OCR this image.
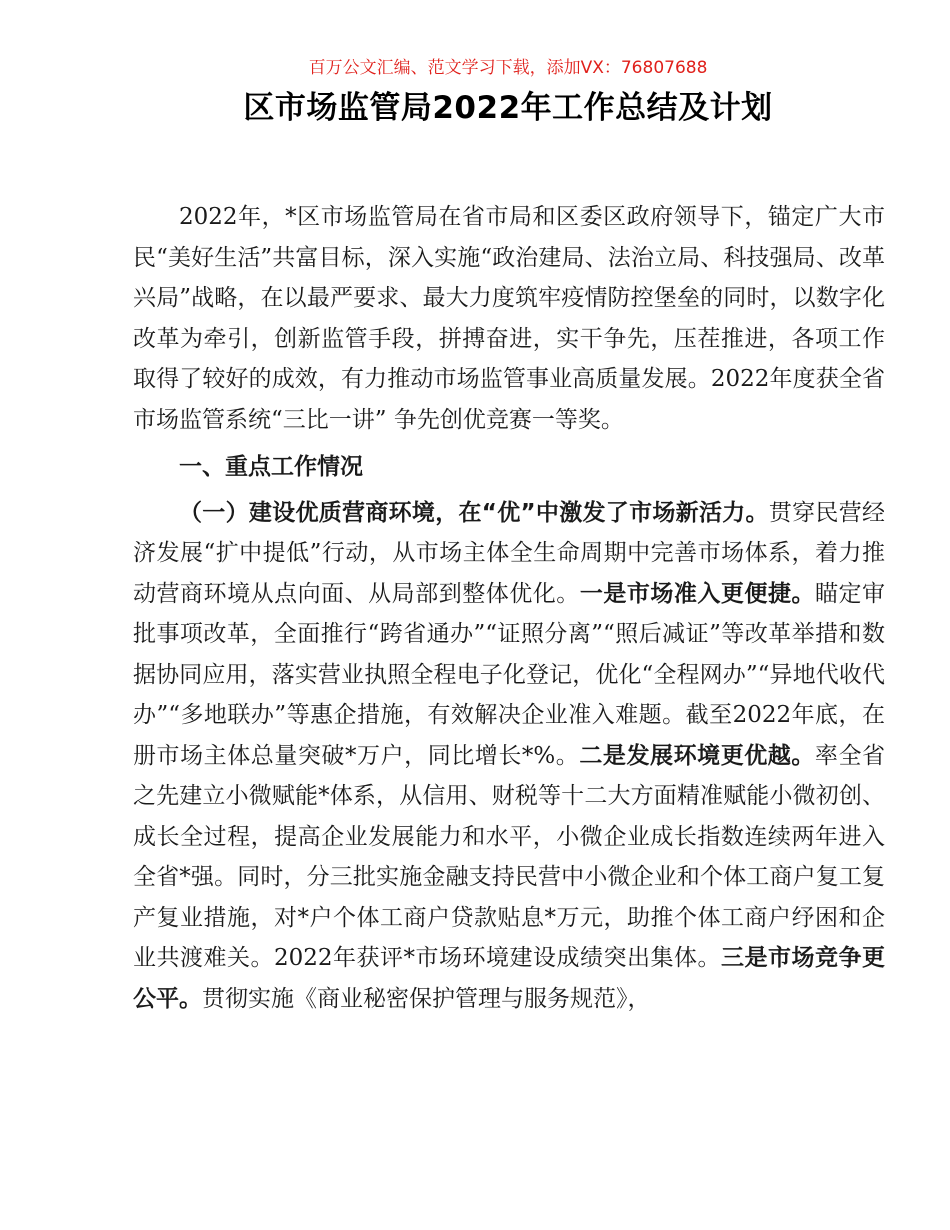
百万公文汇编、范文学习下载，添加VX：76807688
区市场监管局2022年工作总结及计划

2022年，*区市场监管局在省市局和区委区政府领导下，锚定广大市民“美好生活”共富目标，深入实施“政治建局、法治立局、科技强局、改革兴局”战略，在以最严要求、最大力度筑牢疫情防控堡垒的同时，以数字化改革为牵引，创新监管手段，拼搏奋进，实干争先，压茬推进，各项工作取得了较好的成效，有力推动市场监管事业高质量发展。2022年度获全省市场监管系统“三比一讲” 争先创优竞赛一等奖。

一、重点工作情况

（一）建设优质营商环境，在“优”中激发了市场新活力。贯穿民营经济发展“扩中提低”行动，从市场主体全生命周期中完善市场体系，着力推动营商环境从点向面、从局部到整体优化。一是市场准入更便捷。瞄定审批事项改革，全面推行“跨省通办”“证照分离”“照后减证”等改革举措和数据协同应用，落实营业执照全程电子化登记，优化“全程网办”“异地代收代办”“多地联办”等惠企措施，有效解决企业准入难题。截至2022年底，在册市场主体总量突破*万户，同比增长*%。二是发展环境更优越。率全省之先建立小微赋能*体系，从信用、财税等十二大方面精准赋能小微初创、成长全过程，提高企业发展能力和水平，小微企业成长指数连续两年进入全省*强。同时，分三批实施金融支持民营中小微企业和个体工商户复工复产复业措施，对*户个体工商户贷款贴息*万元，助推个体工商户纾困和企业共渡难关。2022年获评*市场环境建设成绩突出集体。三是市场竞争更公平。贯彻实施《商业秘密保护管理与服务规范》，
